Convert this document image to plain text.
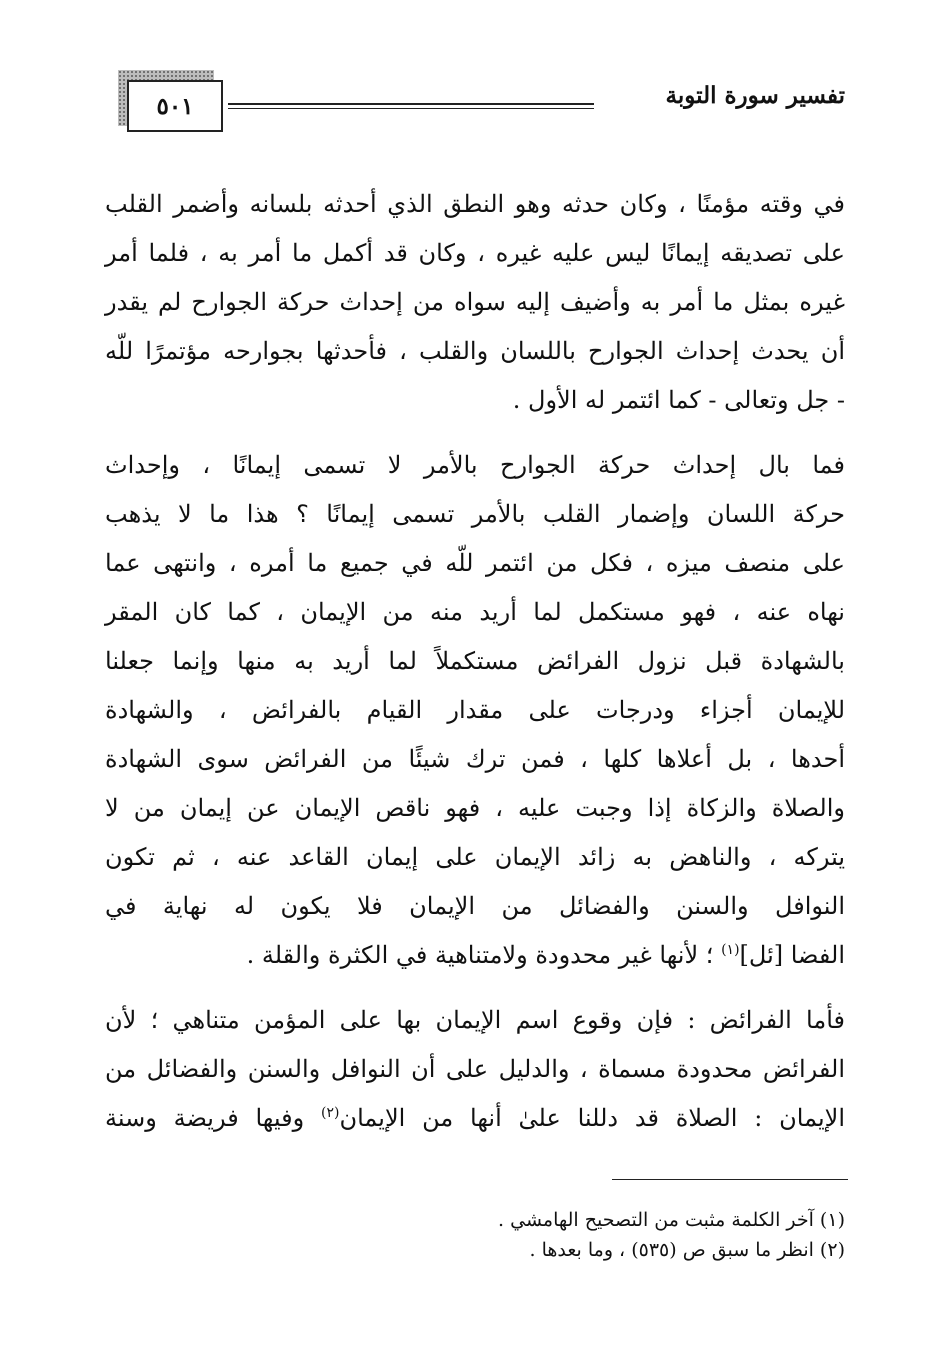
تفسير سورة التوبة
٥٠١
في وقته مؤمنًا ، وكان حدثه وهو النطق الذي أحدثه بلسانه وأضمر القلب
على تصديقه إيمانًا ليس عليه غيره ، وكان قد أكمل ما أمر به ، فلما أمر
غيره بمثل ما أمر به وأضيف إليه سواه من إحداث حركة الجوارح لم يقدر
أن يحدث إحداث الجوارح باللسان والقلب ، فأحدثها بجوارحه مؤتمرًا للّه
- جل وتعالى - كما ائتمر له الأول .
فما بال إحداث حركة الجوارح بالأمر لا تسمى إيمانًا ، وإحداث
حركة اللسان وإضمار القلب بالأمر تسمى إيمانًا ؟ هذا ما لا يذهب
على منصف ميزه ، فكل من ائتمر للّه في جميع ما أمره ، وانتهى عما
نهاه عنه ، فهو مستكمل لما أريد منه من الإيمان ، كما كان المقر
بالشهادة قبل نزول الفرائض مستكملاً لما أريد به منها وإنما جعلنا
للإيمان أجزاء ودرجات على مقدار القيام بالفرائض ، والشهادة
أحدها ، بل أعلاها كلها ، فمن ترك شيئًا من الفرائض سوى الشهادة
والصلاة والزكاة إذا وجبت عليه ، فهو ناقص الإيمان عن إيمان من لا
يتركه ، والناهض به زائد الإيمان على إيمان القاعد عنه ، ثم تكون
النوافل والسنن والفضائل من الإيمان فلا يكون له نهاية في
الفضا [ئل]$^{(١)}$ ؛ لأنها غير محدودة ولامتناهية في الكثرة والقلة .
فأما الفرائض : فإن وقوع اسم الإيمان بها على المؤمن متناهي ؛ لأن
الفرائض محدودة مسماة ، والدليل على أن النوافل والسنن والفضائل من
الإيمان : الصلاة قد دللنا علىٰ أنها من الإيمان$^{(٢)}$ وفيها فريضة وسنة
(١) آخر الكلمة مثبت من التصحيح الهامشي .
(٢) انظر ما سبق ص (٥٣٥) ، وما بعدها .
